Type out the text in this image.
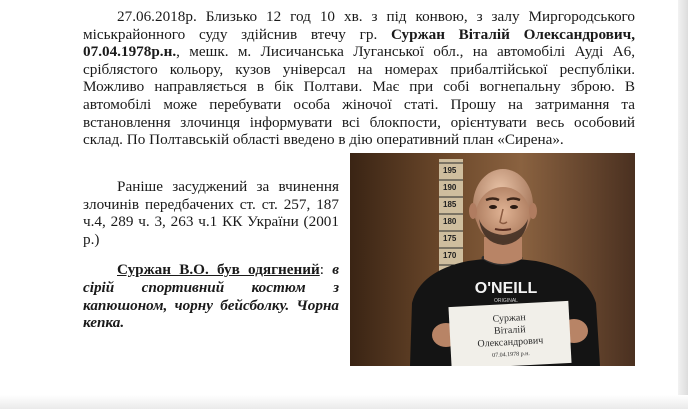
27.06.2018р. Близько 12 год 10 хв. з під конвою, з залу Миргородського міськрайонного суду здійснив втечу гр. Суржан Віталій Олександрович, 07.04.1978р.н., мешк. м. Лисичанська Луганської обл., на автомобілі Ауді А6, сріблястого кольору, кузов універсал на номерах прибалтійської республіки. Можливо направляється в бік Полтави. Має при собі вогнепальну зброю. В автомобілі може перебувати особа жіночої статі. Прошу на затримання та встановлення злочинця інформувати всі блокпости, орієнтувати весь особовий склад. По Полтавській області введено в дію оперативний план «Сирена».

Раніше засуджений за вчинення злочинів передбачених ст. ст. 257, 187 ч.4, 289 ч. 3, 263 ч.1 КК України (2001 р.)

Суржан В.О. був одягнений: в сірій спортивний костюм з капюшоном, чорну бейсболку. Чорна кепка.

195
190
185
180
175
170
O'NEILL
ORIGINAL
Суржан
Віталій
Олександрович
07.04.1978 р.н.
